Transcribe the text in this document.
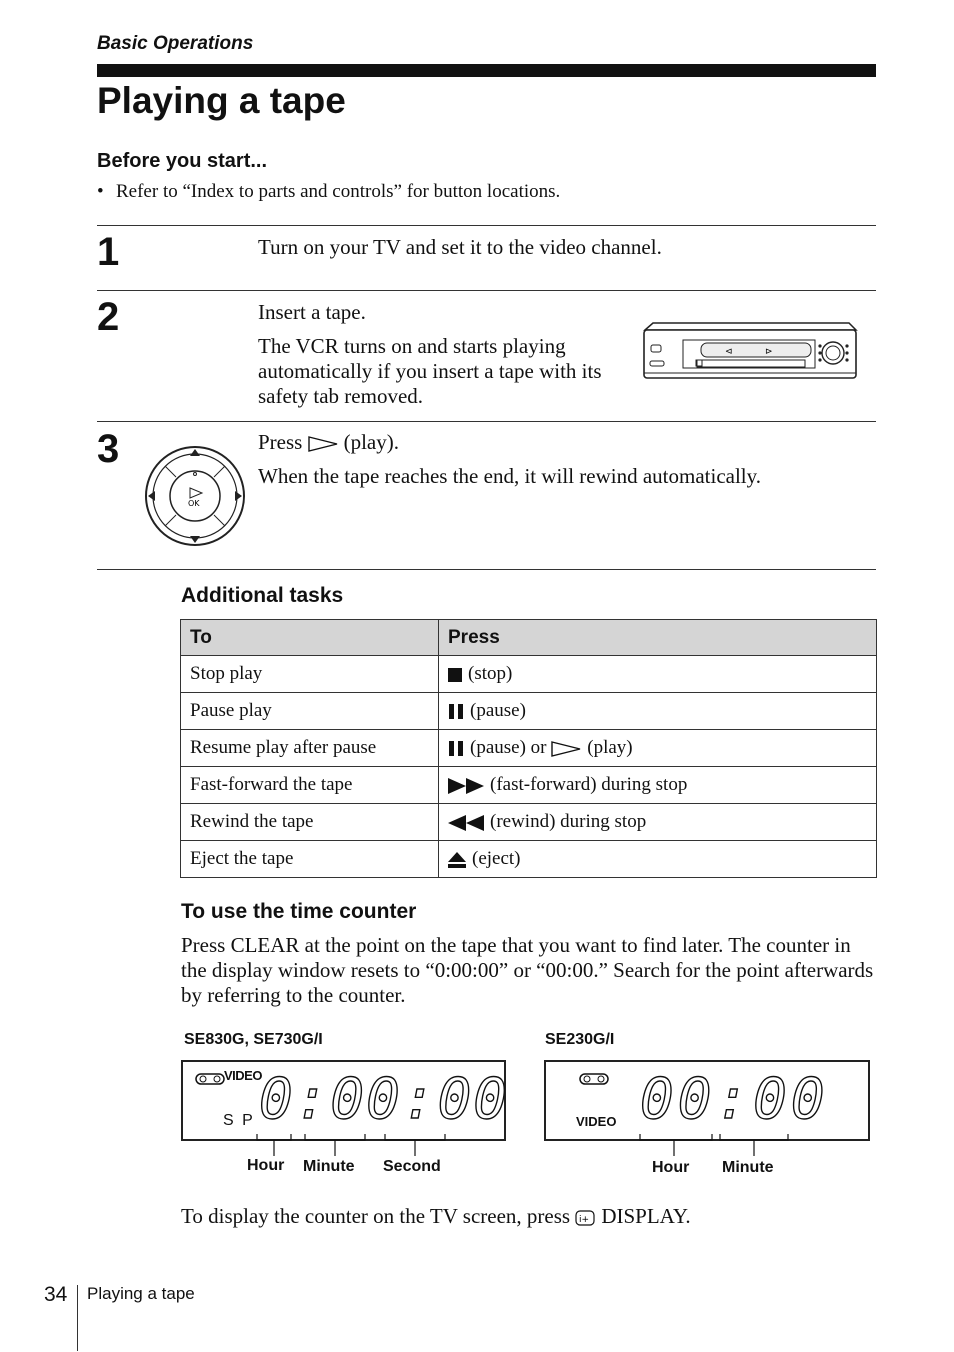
Basic Operations
Playing a tape
Before you start...
• Refer to “Index to parts and controls” for button locations.
1	Turn on your TV and set it to the video channel.
2	Insert a tape.
The VCR turns on and starts playing automatically if you insert a tape with its safety tab removed.
⊲	⊳
3
OK
Press (play).
When the tape reaches the end, it will rewind automatically.
Additional tasks
To	Press
Stop play	(stop)
Pause play	(pause)
Resume play after pause	(pause) or (play)
Fast-forward the tape	(fast-forward) during stop
Rewind the tape	(rewind) during stop
Eject the tape	(eject)
To use the time counter
Press CLEAR at the point on the tape that you want to find later. The counter in the display window resets to “0:00:00” or “00:00.” Search for the point afterwards by referring to the counter.
SE830G, SE730G/I
VIDEO
S P 0:00:00
Hour Minute Second
SE230G/I
VIDEO 00:00
Hour Minute
To display the counter on the TV screen, press i+ DISPLAY.
34 Playing a tape
